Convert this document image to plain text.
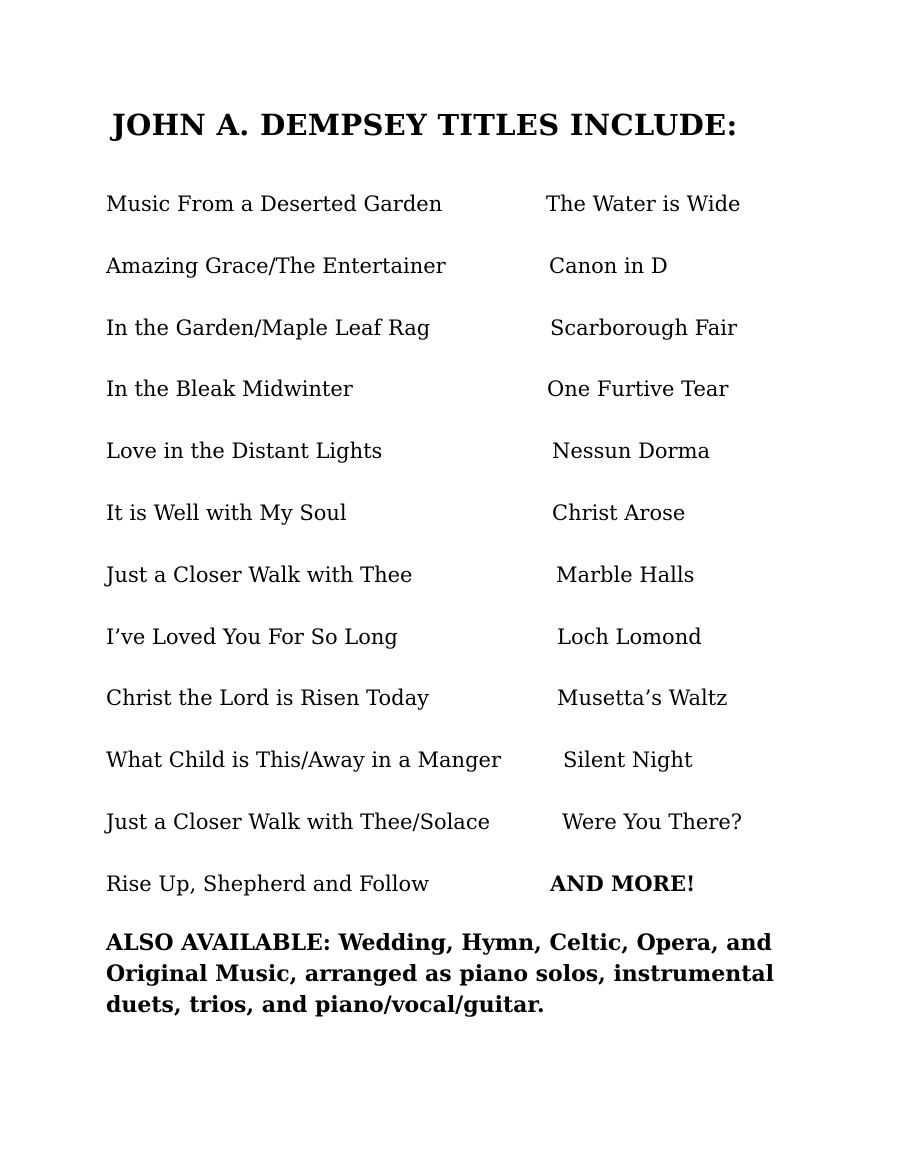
JOHN A. DEMPSEY TITLES INCLUDE:
Music From a Deserted Garden	The Water is Wide
Amazing Grace/The Entertainer	Canon in D
In the Garden/Maple Leaf Rag	Scarborough Fair
In the Bleak Midwinter	One Furtive Tear
Love in the Distant Lights	Nessun Dorma
It is Well with My Soul	Christ Arose
Just a Closer Walk with Thee	Marble Halls
I’ve Loved You For So Long	Loch Lomond
Christ the Lord is Risen Today	Musetta’s Waltz
What Child is This/Away in a Manger	Silent Night
Just a Closer Walk with Thee/Solace	Were You There?
Rise Up, Shepherd and Follow	AND MORE!

ALSO AVAILABLE: Wedding, Hymn, Celtic, Opera, and Original Music, arranged as piano solos, instrumental duets, trios, and piano/vocal/guitar.
